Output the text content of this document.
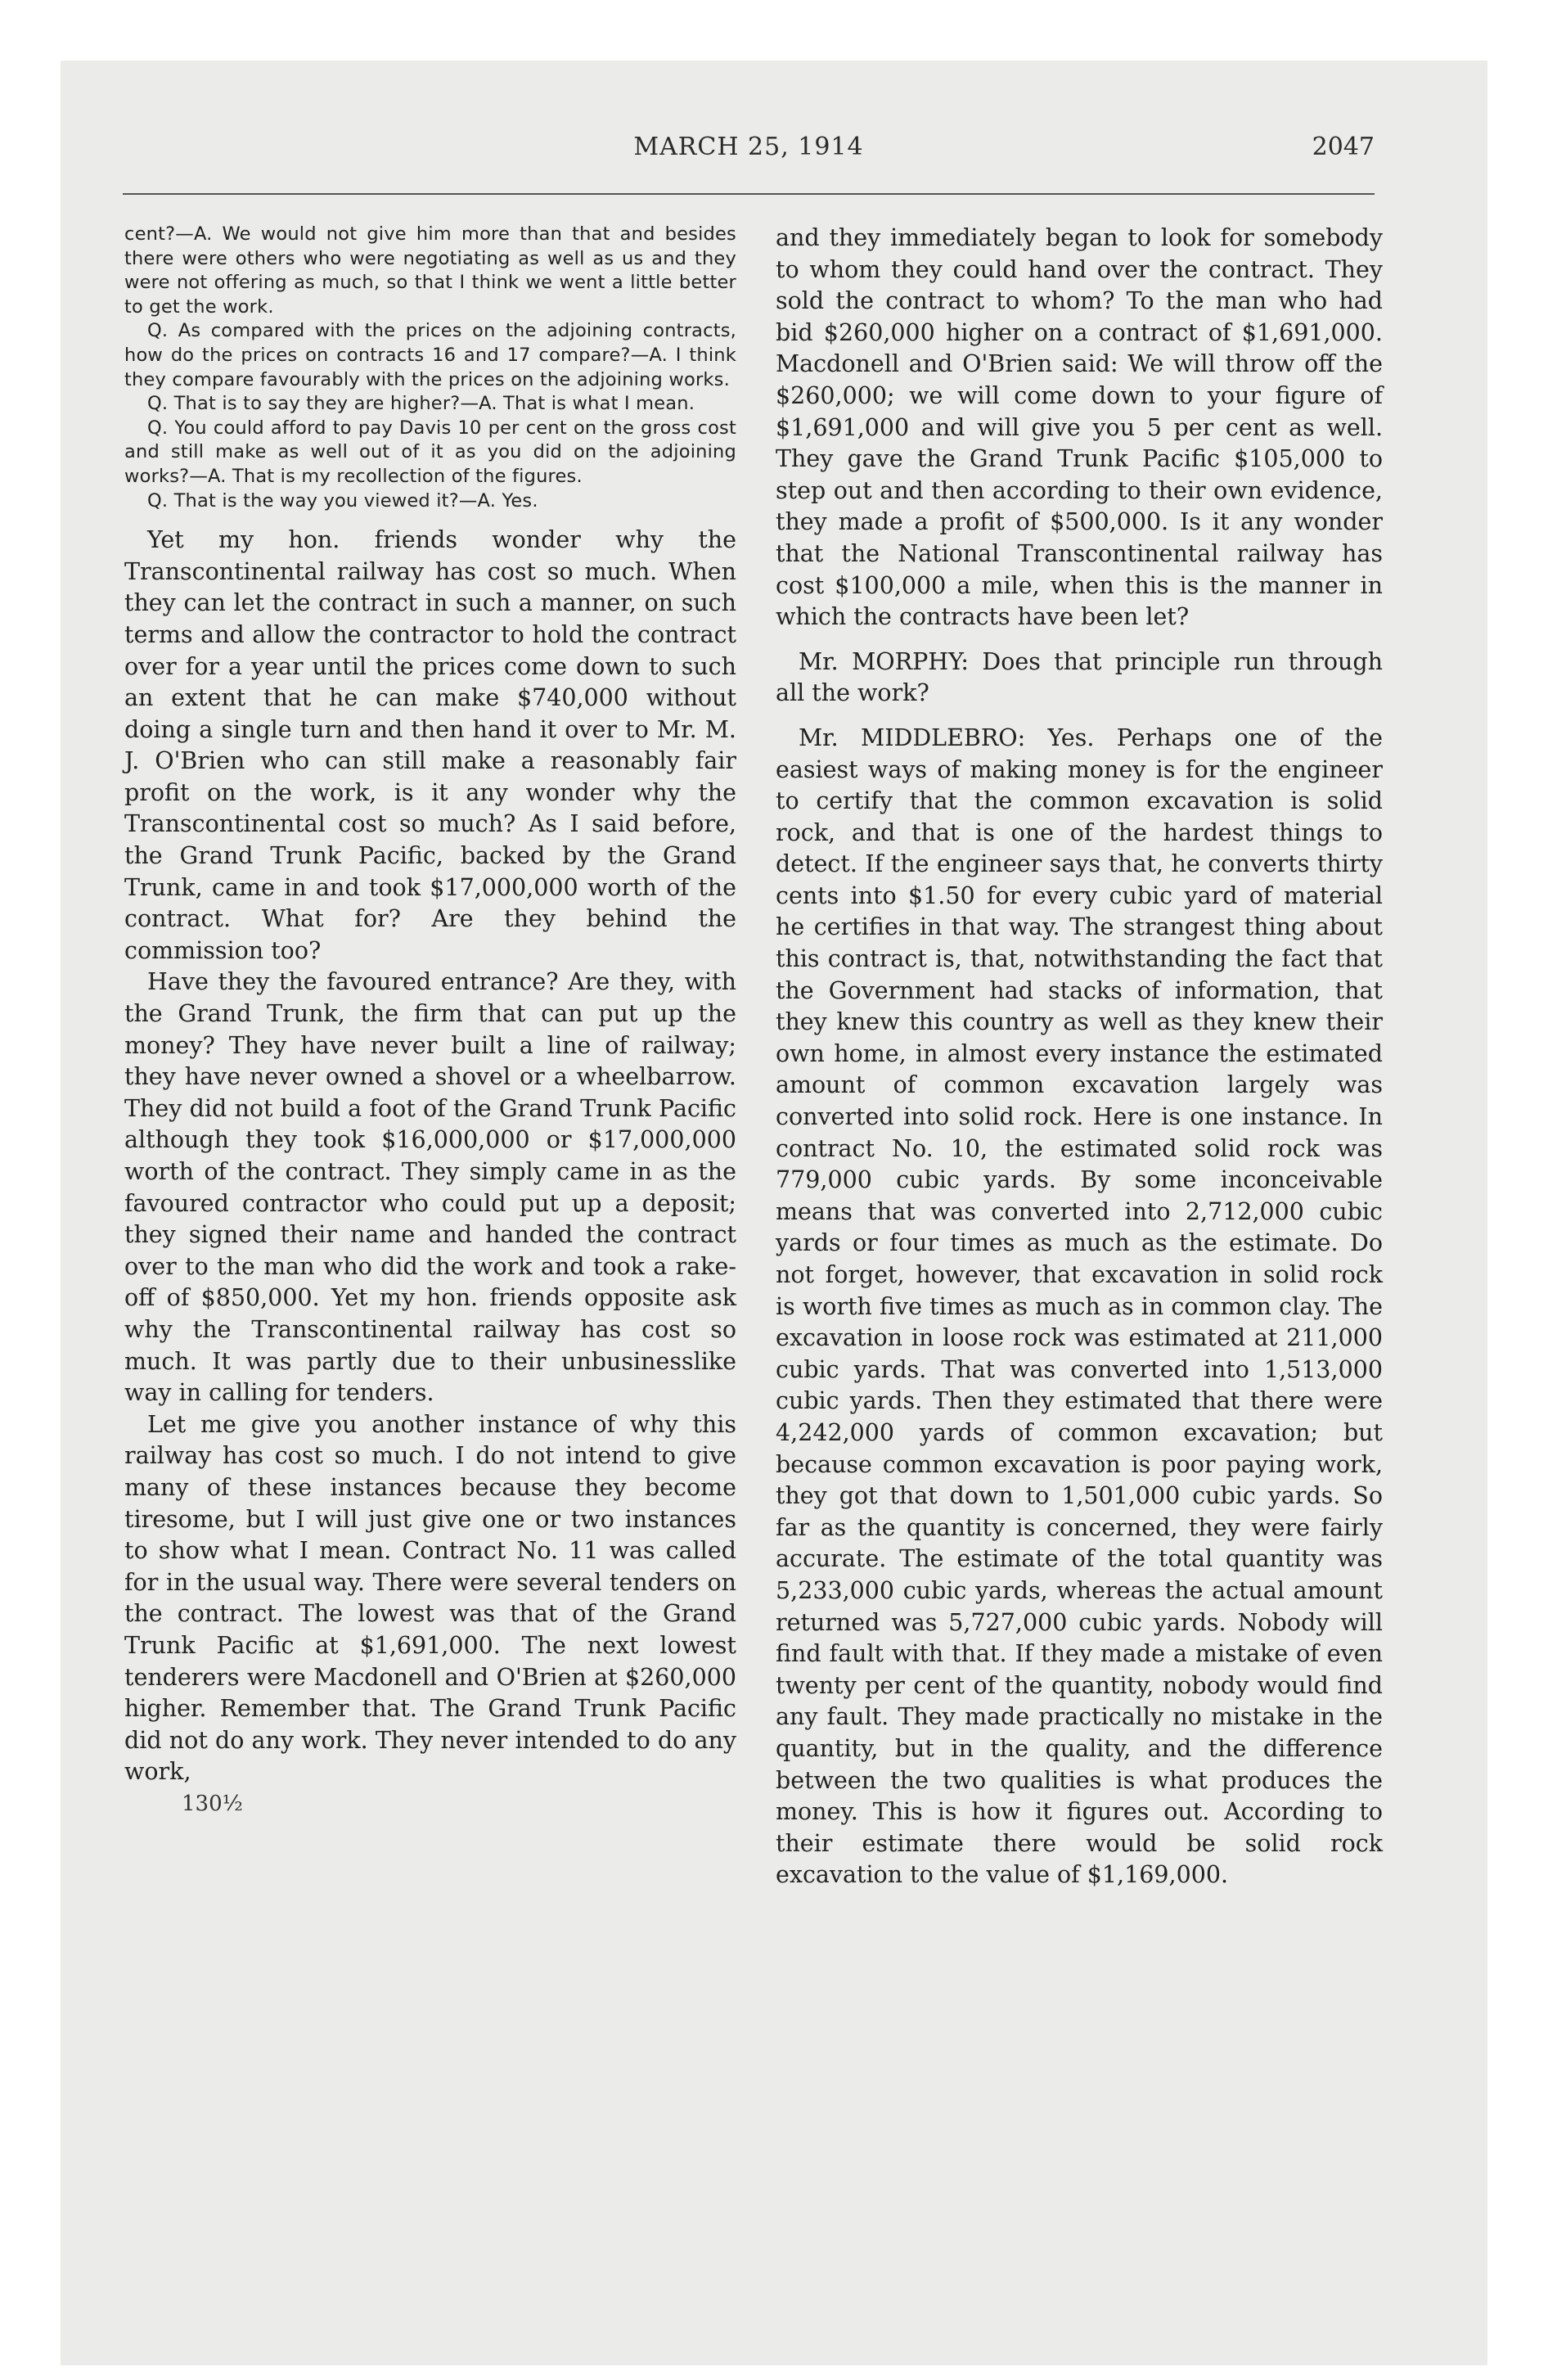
MARCH 25, 1914	2047

cent?—A. We would not give him more than that and besides there were others who were negotiating as well as us and they were not offering as much, so that I think we went a little better to get the work.

Q. As compared with the prices on the adjoining contracts, how do the prices on contracts 16 and 17 compare?—A. I think they compare favourably with the prices on the adjoining works.

Q. That is to say they are higher?—A. That is what I mean.

Q. You could afford to pay Davis 10 per cent on the gross cost and still make as well out of it as you did on the adjoining works?—A. That is my recollection of the figures.

Q. That is the way you viewed it?—A. Yes.

Yet my hon. friends wonder why the Transcontinental railway has cost so much. When they can let the contract in such a manner, on such terms and allow the contractor to hold the contract over for a year until the prices come down to such an extent that he can make $740,000 without doing a single turn and then hand it over to Mr. M. J. O'Brien who can still make a reasonably fair profit on the work, is it any wonder why the Transcontinental cost so much? As I said before, the Grand Trunk Pacific, backed by the Grand Trunk, came in and took $17,000,000 worth of the contract. What for? Are they behind the commission too?

Have they the favoured entrance? Are they, with the Grand Trunk, the firm that can put up the money? They have never built a line of railway; they have never owned a shovel or a wheelbarrow. They did not build a foot of the Grand Trunk Pacific although they took $16,000,000 or $17,000,000 worth of the contract. They simply came in as the favoured contractor who could put up a deposit; they signed their name and handed the contract over to the man who did the work and took a rake-off of $850,000. Yet my hon. friends opposite ask why the Transcontinental railway has cost so much. It was partly due to their unbusinesslike way in calling for tenders.

Let me give you another instance of why this railway has cost so much. I do not intend to give many of these instances because they become tiresome, but I will just give one or two instances to show what I mean. Contract No. 11 was called for in the usual way. There were several tenders on the contract. The lowest was that of the Grand Trunk Pacific at $1,691,000. The next lowest tenderers were Macdonell and O'Brien at $260,000 higher. Remember that. The Grand Trunk Pacific did not do any work. They never intended to do any work,

130½

and they immediately began to look for somebody to whom they could hand over the contract. They sold the contract to whom? To the man who had bid $260,000 higher on a contract of $1,691,000. Macdonell and O'Brien said: We will throw off the $260,000; we will come down to your figure of $1,691,000 and will give you 5 per cent as well. They gave the Grand Trunk Pacific $105,000 to step out and then according to their own evidence, they made a profit of $500,000. Is it any wonder that the National Transcontinental railway has cost $100,000 a mile, when this is the manner in which the contracts have been let?

Mr. MORPHY: Does that principle run through all the work?

Mr. MIDDLEBRO: Yes. Perhaps one of the easiest ways of making money is for the engineer to certify that the common excavation is solid rock, and that is one of the hardest things to detect. If the engineer says that, he converts thirty cents into $1.50 for every cubic yard of material he certifies in that way. The strangest thing about this contract is, that, notwithstanding the fact that the Government had stacks of information, that they knew this country as well as they knew their own home, in almost every instance the estimated amount of common excavation largely was converted into solid rock. Here is one instance. In contract No. 10, the estimated solid rock was 779,000 cubic yards. By some inconceivable means that was converted into 2,712,000 cubic yards or four times as much as the estimate. Do not forget, however, that excavation in solid rock is worth five times as much as in common clay. The excavation in loose rock was estimated at 211,000 cubic yards. That was converted into 1,513,000 cubic yards. Then they estimated that there were 4,242,000 yards of common excavation; but because common excavation is poor paying work, they got that down to 1,501,000 cubic yards. So far as the quantity is concerned, they were fairly accurate. The estimate of the total quantity was 5,233,000 cubic yards, whereas the actual amount returned was 5,727,000 cubic yards. Nobody will find fault with that. If they made a mistake of even twenty per cent of the quantity, nobody would find any fault. They made practically no mistake in the quantity, but in the quality, and the difference between the two qualities is what produces the money. This is how it figures out. According to their estimate there would be solid rock excavation to the value of $1,169,000.
